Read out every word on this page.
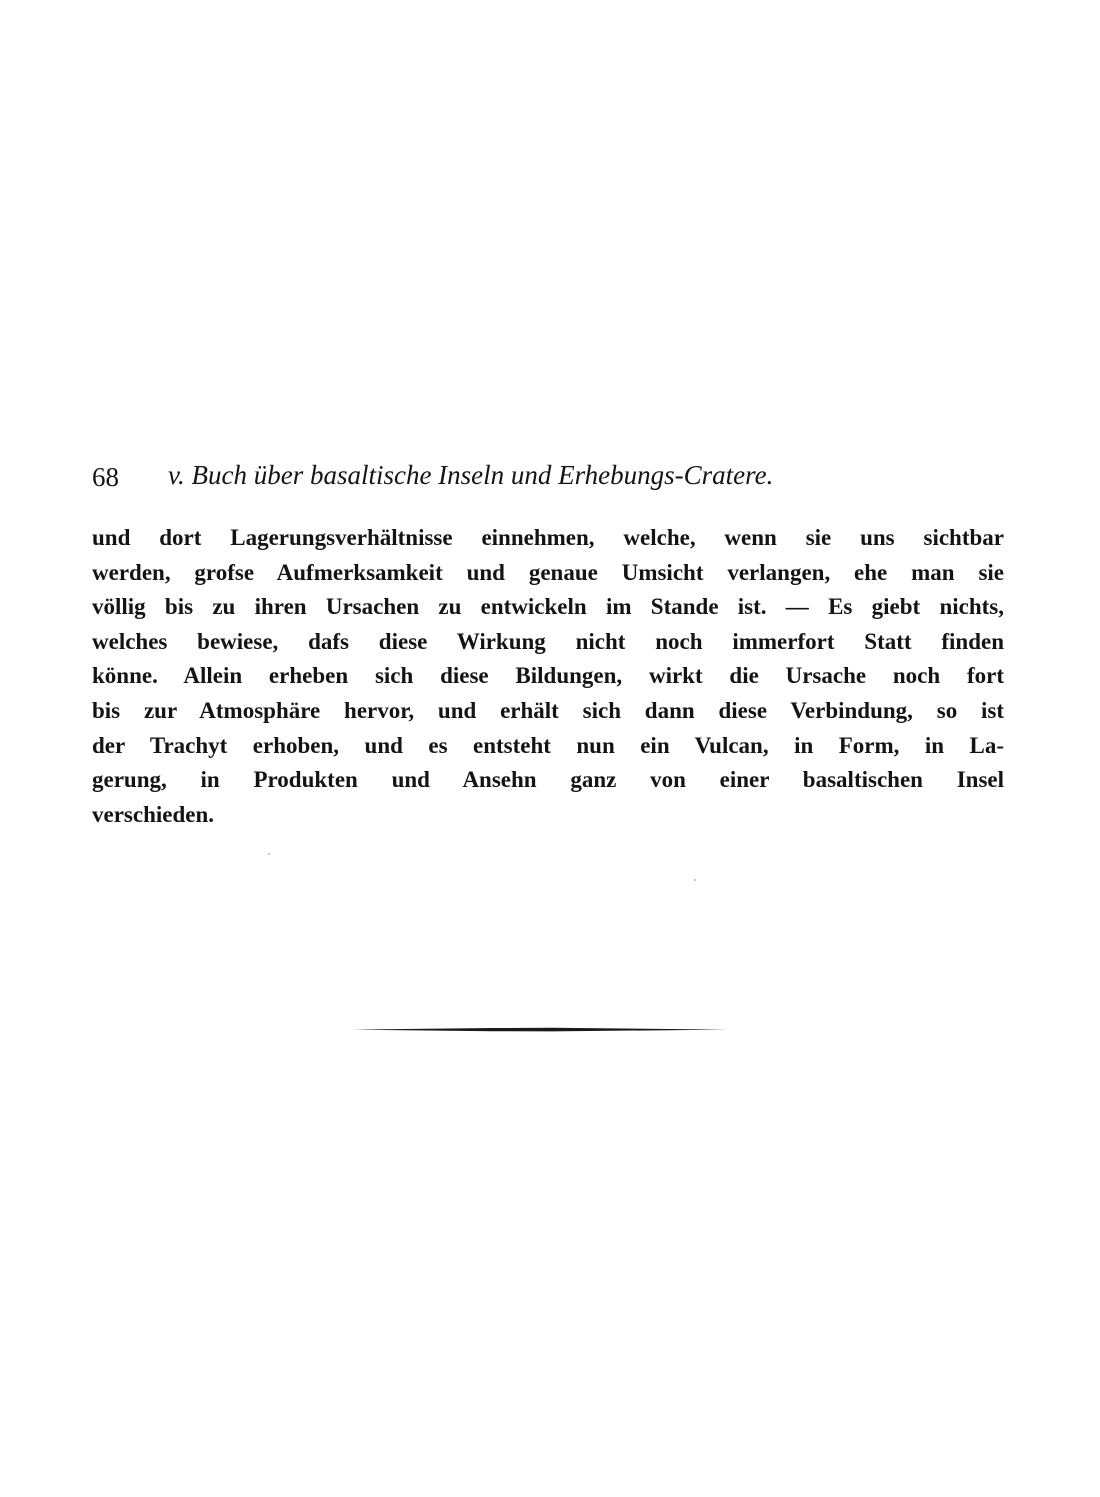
68 v. Buch über basaltische Inseln und Erhebungs-Cratere.
und dort Lagerungsverhältnisse einnehmen, welche, wenn sie uns sichtbar
werden, grofse Aufmerksamkeit und genaue Umsicht verlangen, ehe man sie
völlig bis zu ihren Ursachen zu entwickeln im Stande ist. — Es giebt nichts,
welches bewiese, dafs diese Wirkung nicht noch immerfort Statt finden
könne. Allein erheben sich diese Bildungen, wirkt die Ursache noch fort
bis zur Atmosphäre hervor, und erhält sich dann diese Verbindung, so ist
der Trachyt erhoben, und es entsteht nun ein Vulcan, in Form, in La-
gerung, in Produkten und Ansehn ganz von einer basaltischen Insel
verschieden.
